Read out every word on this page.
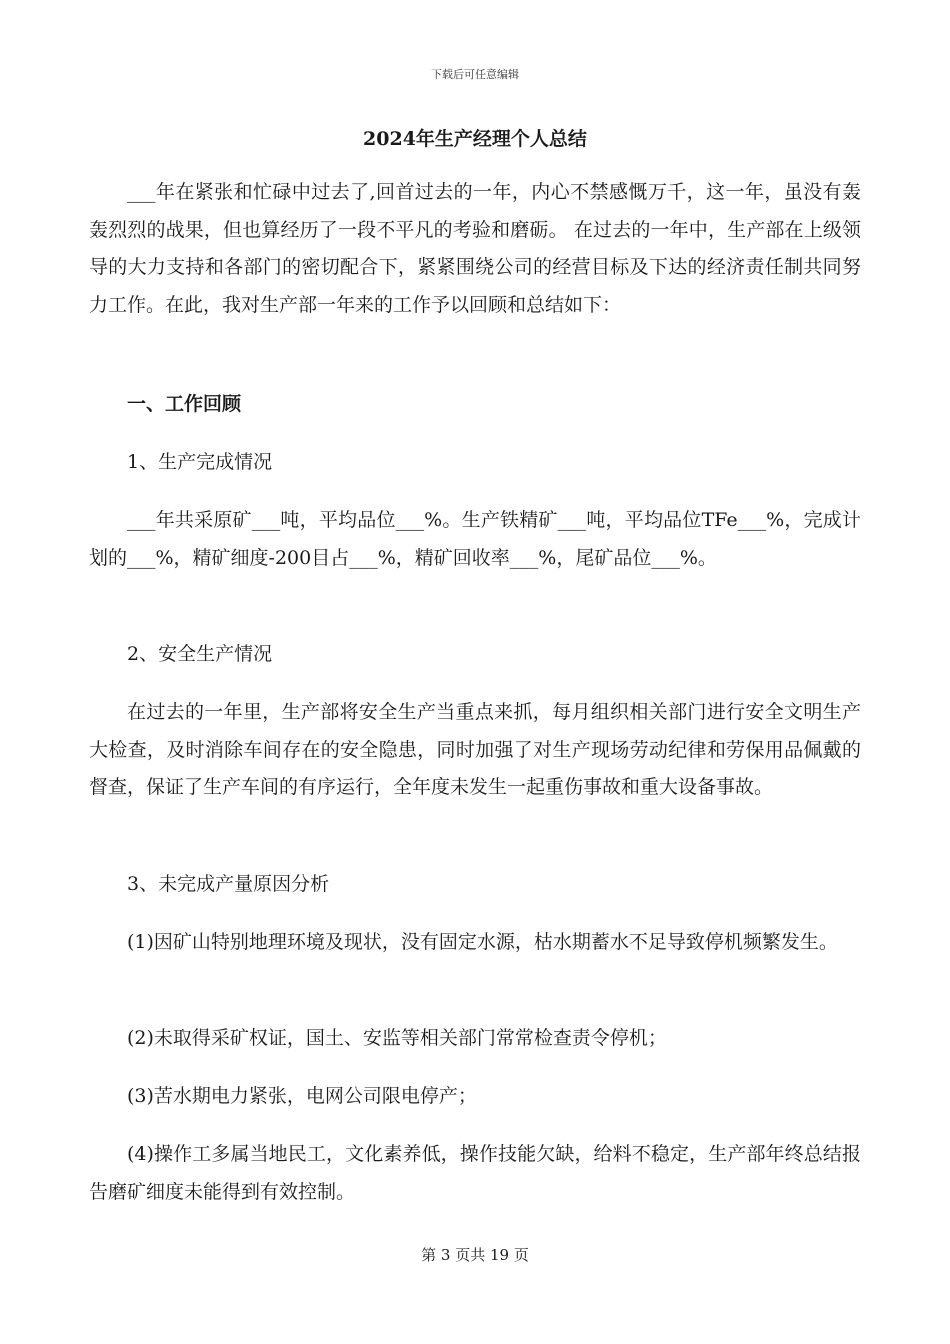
下载后可任意编辑
2024年生产经理个人总结

___年在紧张和忙碌中过去了,回首过去的一年，内心不禁感慨万千，这一年，虽没有轰轰烈烈的战果，但也算经历了一段不平凡的考验和磨砺。 在过去的一年中，生产部在上级领导的大力支持和各部门的密切配合下，紧紧围绕公司的经营目标及下达的经济责任制共同努力工作。在此，我对生产部一年来的工作予以回顾和总结如下：

一、工作回顾

1、生产完成情况

___年共采原矿___吨，平均品位___%。生产铁精矿___吨，平均品位TFe___%，完成计划的___%，精矿细度-200目占___%，精矿回收率___%，尾矿品位___%。

2、安全生产情况

在过去的一年里，生产部将安全生产当重点来抓，每月组织相关部门进行安全文明生产大检查，及时消除车间存在的安全隐患，同时加强了对生产现场劳动纪律和劳保用品佩戴的督查，保证了生产车间的有序运行，全年度未发生一起重伤事故和重大设备事故。

3、未完成产量原因分析

(1)因矿山特别地理环境及现状，没有固定水源，枯水期蓄水不足导致停机频繁发生。

(2)未取得采矿权证，国土、安监等相关部门常常检查责令停机；

(3)苦水期电力紧张，电网公司限电停产；

(4)操作工多属当地民工，文化素养低，操作技能欠缺，给料不稳定，生产部年终总结报告磨矿细度未能得到有效控制。

第 3 页共 19 页
